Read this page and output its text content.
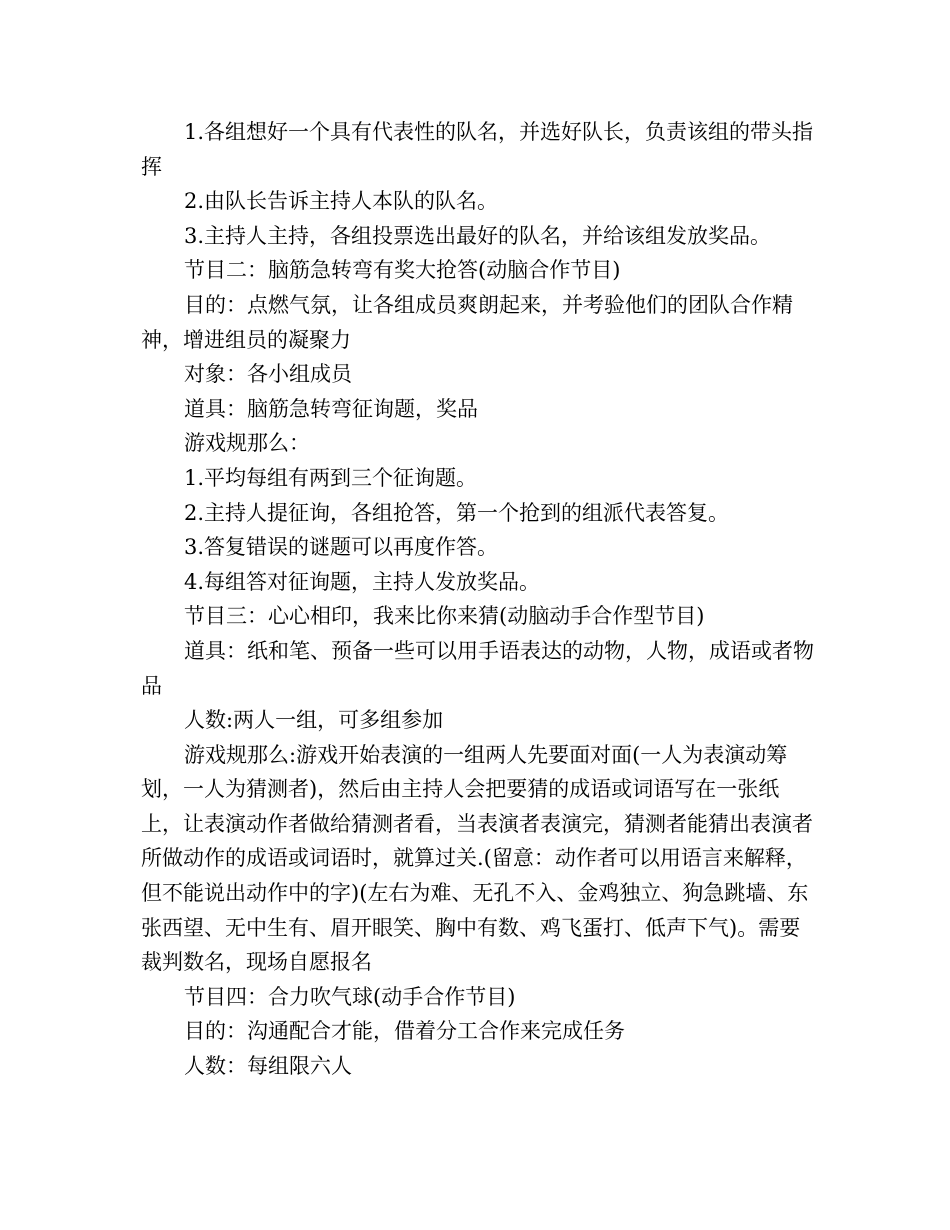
1.各组想好一个具有代表性的队名，并选好队长，负责该组的带头指挥

2.由队长告诉主持人本队的队名。

3.主持人主持，各组投票选出最好的队名，并给该组发放奖品。

节目二：脑筋急转弯有奖大抢答(动脑合作节目)

目的：点燃气氛，让各组成员爽朗起来，并考验他们的团队合作精神，增进组员的凝聚力

对象：各小组成员

道具：脑筋急转弯征询题，奖品

游戏规那么：

1.平均每组有两到三个征询题。

2.主持人提征询，各组抢答，第一个抢到的组派代表答复。

3.答复错误的谜题可以再度作答。

4.每组答对征询题，主持人发放奖品。

节目三：心心相印，我来比你来猜(动脑动手合作型节目)

道具：纸和笔、预备一些可以用手语表达的动物，人物，成语或者物品

人数:两人一组，可多组参加

游戏规那么:游戏开始表演的一组两人先要面对面(一人为表演动筹划，一人为猜测者)，然后由主持人会把要猜的成语或词语写在一张纸上，让表演动作者做给猜测者看，当表演者表演完，猜测者能猜出表演者所做动作的成语或词语时，就算过关.(留意：动作者可以用语言来解释，但不能说出动作中的字)(左右为难、无孔不入、金鸡独立、狗急跳墙、东张西望、无中生有、眉开眼笑、胸中有数、鸡飞蛋打、低声下气)。需要裁判数名，现场自愿报名

节目四：合力吹气球(动手合作节目)

目的：沟通配合才能，借着分工合作来完成任务

人数：每组限六人
